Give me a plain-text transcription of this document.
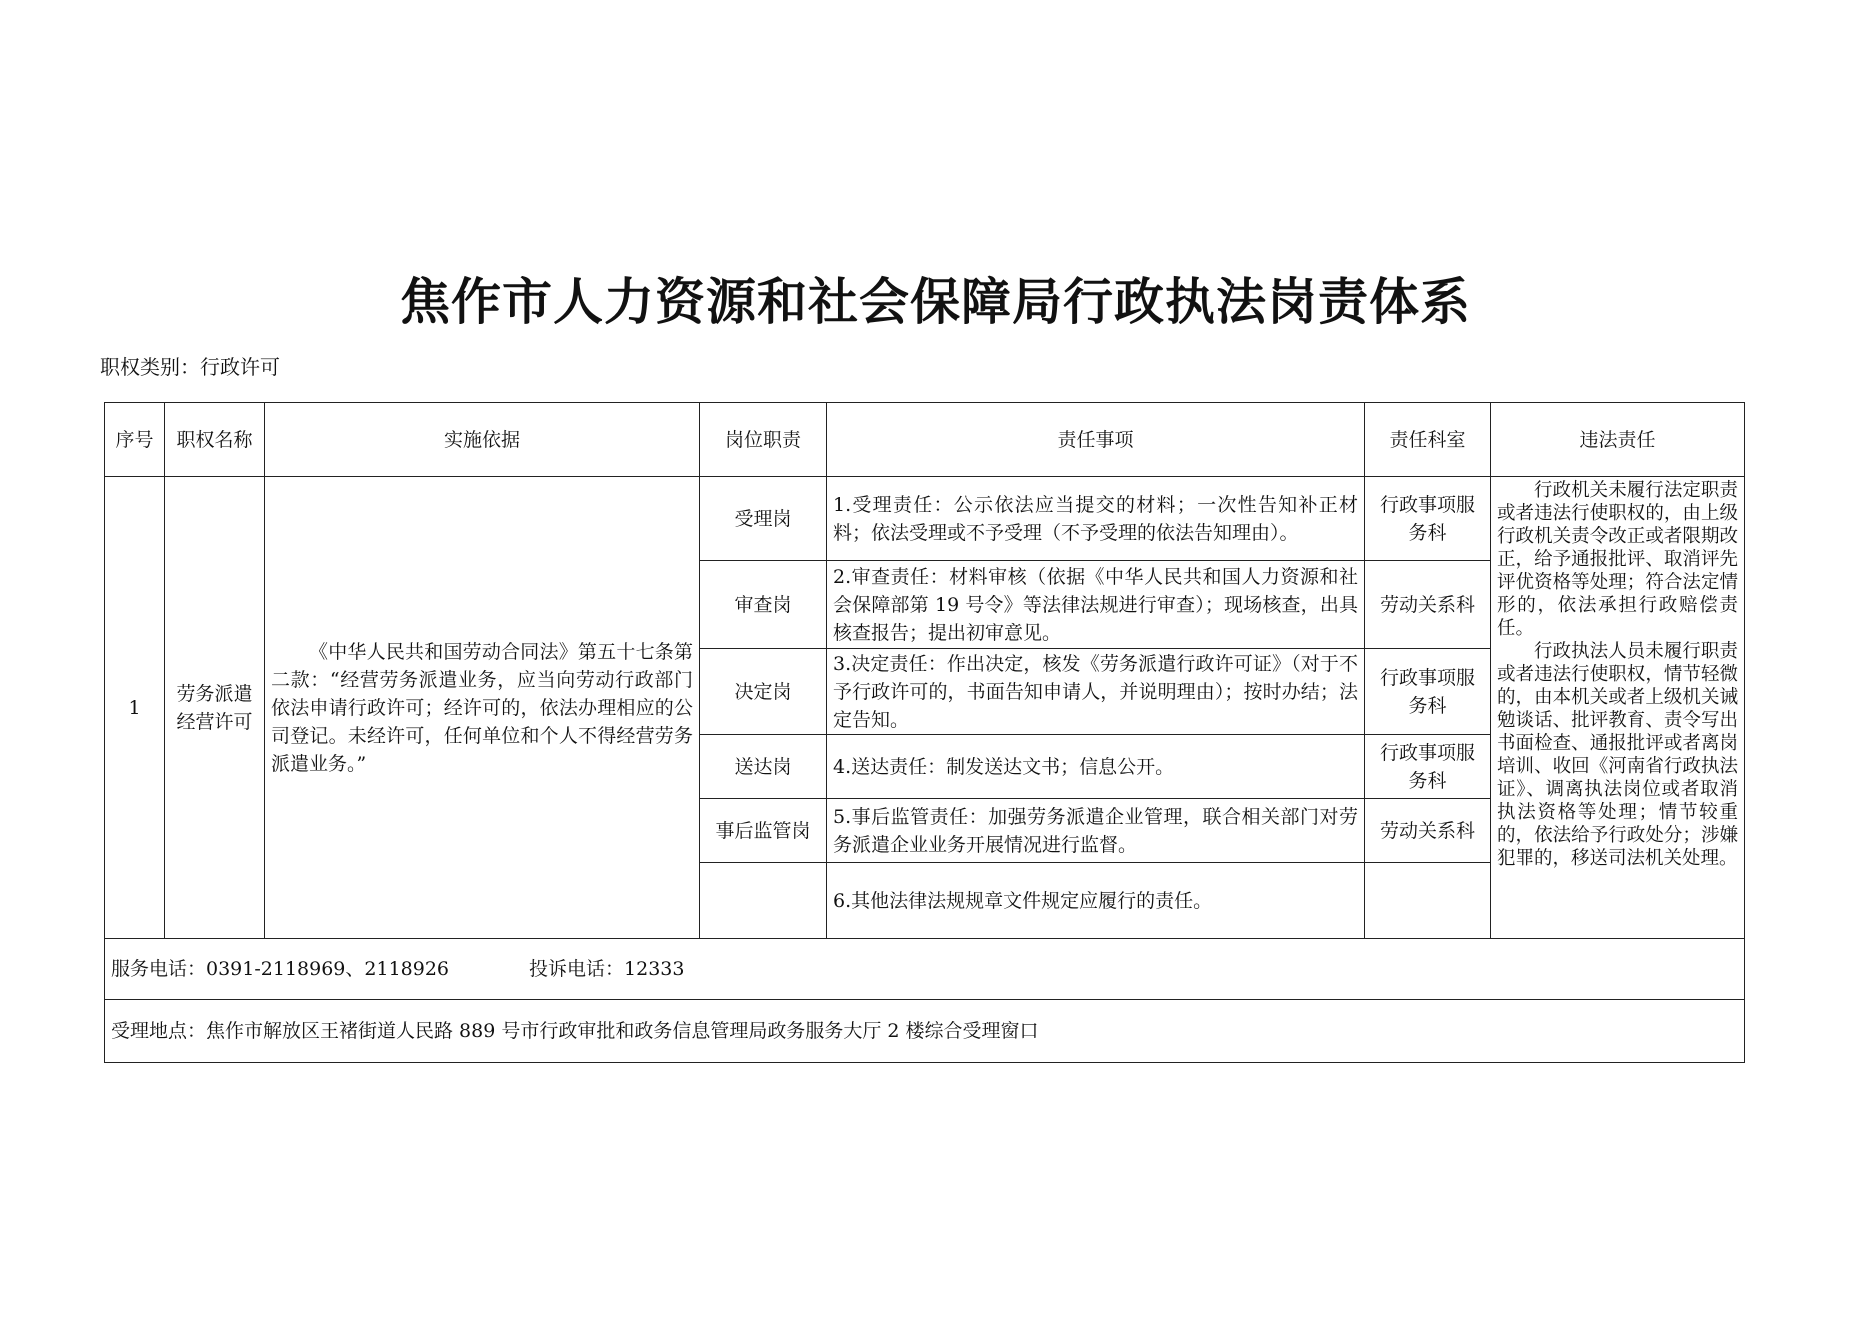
焦作市人力资源和社会保障局行政执法岗责体系
职权类别：行政许可
序号	职权名称	实施依据	岗位职责	责任事项	责任科室	违法责任
1	劳务派遣经营许可	《中华人民共和国劳动合同法》第五十七条第二款：“经营劳务派遣业务，应当向劳动行政部门依法申请行政许可；经许可的，依法办理相应的公司登记。未经许可，任何单位和个人不得经营劳务派遣业务。”	受理岗	1.受理责任：公示依法应当提交的材料；一次性告知补正材料；依法受理或不予受理（不予受理的依法告知理由）。	行政事项服务科	行政机关未履行法定职责或者违法行使职权的，由上级行政机关责令改正或者限期改正，给予通报批评、取消评先评优资格等处理；符合法定情形的，依法承担行政赔偿责任。

行政执法人员未履行职责或者违法行使职权，情节轻微的，由本机关或者上级机关诫勉谈话、批评教育、责令写出书面检查、通报批评或者离岗培训、收回《河南省行政执法证》、调离执法岗位或者取消执法资格等处理；情节较重的，依法给予行政处分；涉嫌犯罪的，移送司法机关处理。

			审查岗	2.审查责任：材料审核（依据《中华人民共和国人力资源和社会保障部第 19 号令》等法律法规进行审查）；现场核查，出具核查报告；提出初审意见。	劳动关系科	
			决定岗	3.决定责任：作出决定，核发《劳务派遣行政许可证》（对于不予行政许可的，书面告知申请人，并说明理由）；按时办结；法定告知。	行政事项服务科	
			送达岗	4.送达责任：制发送达文书；信息公开。	行政事项服务科	
			事后监管岗	5.事后监管责任：加强劳务派遣企业管理，联合相关部门对劳务派遣企业业务开展情况进行监督。	劳动关系科	
				6.其他法律法规规章文件规定应履行的责任。		
服务电话：0391-2118969、2118926 投诉电话：12333						
受理地点：焦作市解放区王褚街道人民路 889 号市行政审批和政务信息管理局政务服务大厅 2 楼综合受理窗口						
